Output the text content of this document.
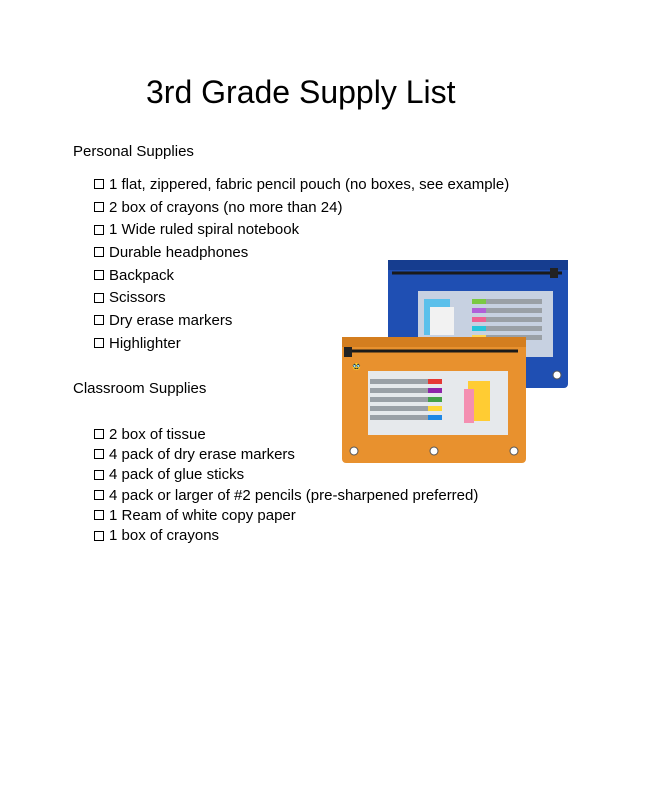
3rd Grade Supply List
Personal Supplies
1 flat, zippered, fabric pencil pouch (no boxes, see example)
2 box of crayons (no more than 24)
1 Wide ruled spiral notebook
Durable headphones
Backpack
Scissors
Dry erase markers
Highlighter
Classroom Supplies
2 box of tissue
4 pack of dry erase markers
4 pack of glue sticks
4 pack or larger of #2 pencils (pre-sharpened preferred)
1 Ream of white copy paper
1 box of crayons
🥸
